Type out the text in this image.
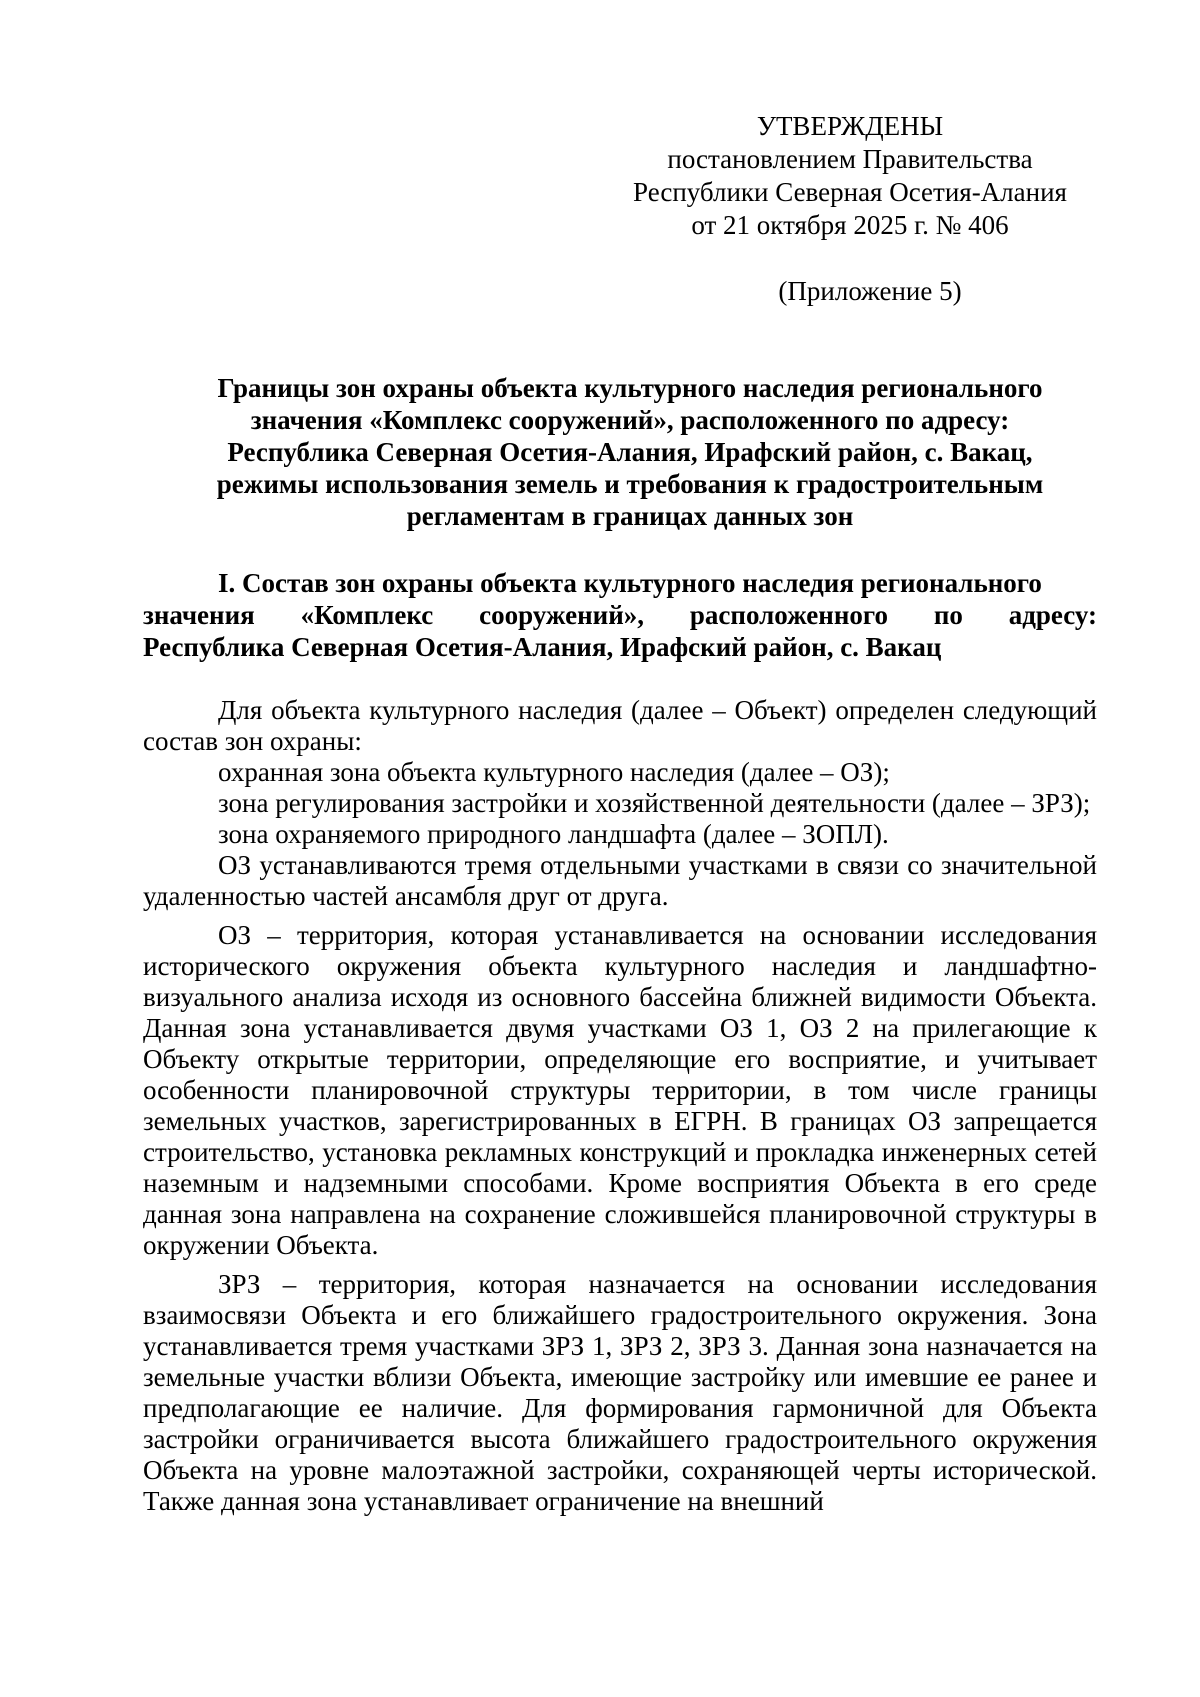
УТВЕРЖДЕНЫ
постановлением Правительства
Республики Северная Осетия-Алания
от 21 октября 2025 г. № 406
(Приложение 5)
Границы зон охраны объекта культурного наследия регионального
значения «Комплекс сооружений», расположенного по адресу:
Республика Северная Осетия-Алания, Ирафский район, с. Вакац,
режимы использования земель и требования к градостроительным
регламентам в границах данных зон
I. Состав зон охраны объекта культурного наследия регионального
значения «Комплекс сооружений», расположенного по адресу:
Республика Северная Осетия-Алания, Ирафский район, с. Вакац

Для объекта культурного наследия (далее – Объект) определен следующий состав зон охраны:

охранная зона объекта культурного наследия (далее – ОЗ);

зона регулирования застройки и хозяйственной деятельности (далее – ЗРЗ);

зона охраняемого природного ландшафта (далее – ЗОПЛ).

ОЗ устанавливаются тремя отдельными участками в связи со значительной удаленностью частей ансамбля друг от друга.

ОЗ – территория, которая устанавливается на основании исследования исторического окружения объекта культурного наследия и ландшафтно-визуального анализа исходя из основного бассейна ближней видимости Объекта. Данная зона устанавливается двумя участками ОЗ 1, ОЗ 2 на прилегающие к Объекту открытые территории, определяющие его восприятие, и учитывает особенности планировочной структуры территории, в том числе границы земельных участков, зарегистрированных в ЕГРН. В границах ОЗ запрещается строительство, установка рекламных конструкций и прокладка инженерных сетей наземным и надземными способами. Кроме восприятия Объекта в его среде данная зона направлена на сохранение сложившейся планировочной структуры в окружении Объекта.

ЗРЗ – территория, которая назначается на основании исследования взаимосвязи Объекта и его ближайшего градостроительного окружения. Зона устанавливается тремя участками ЗРЗ 1, ЗРЗ 2, ЗРЗ 3. Данная зона назначается на земельные участки вблизи Объекта, имеющие застройку или имевшие ее ранее и предполагающие ее наличие. Для формирования гармоничной для Объекта застройки ограничивается высота ближайшего градостроительного окружения Объекта на уровне малоэтажной застройки, сохраняющей черты исторической. Также данная зона устанавливает ограничение на внешний
